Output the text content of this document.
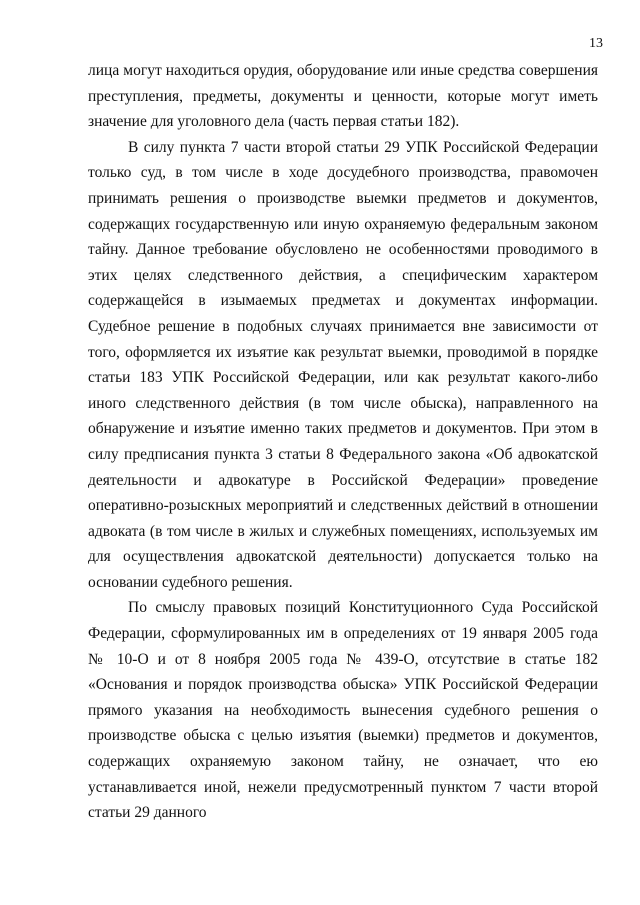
13

лица могут находиться орудия, оборудование или иные средства совершения преступления, предметы, документы и ценности, которые могут иметь значение для уголовного дела (часть первая статьи 182).

В силу пункта 7 части второй статьи 29 УПК Российской Федерации только суд, в том числе в ходе досудебного производства, правомочен принимать решения о производстве выемки предметов и документов, содержащих государственную или иную охраняемую федеральным законом тайну. Данное требование обусловлено не особенностями проводимого в этих целях следственного действия, а специфическим характером содержащейся в изымаемых предметах и документах информации. Судебное решение в подобных случаях принимается вне зависимости от того, оформляется их изъятие как результат выемки, проводимой в порядке статьи 183 УПК Российской Федерации, или как результат какого-либо иного следственного действия (в том числе обыска), направленного на обнаружение и изъятие именно таких предметов и документов. При этом в силу предписания пункта 3 статьи 8 Федерального закона «Об адвокатской деятельности и адвокатуре в Российской Федерации» проведение оперативно-розыскных мероприятий и следственных действий в отношении адвоката (в том числе в жилых и служебных помещениях, используемых им для осуществления адвокатской деятельности) допускается только на основании судебного решения.

По смыслу правовых позиций Конституционного Суда Российской Федерации, сформулированных им в определениях от 19 января 2005 года № 10-О и от 8 ноября 2005 года № 439-О, отсутствие в статье 182 «Основания и порядок производства обыска» УПК Российской Федерации прямого указания на необходимость вынесения судебного решения о производстве обыска с целью изъятия (выемки) предметов и документов, содержащих охраняемую законом тайну, не означает, что ею устанавливается иной, нежели предусмотренный пунктом 7 части второй статьи 29 данного
